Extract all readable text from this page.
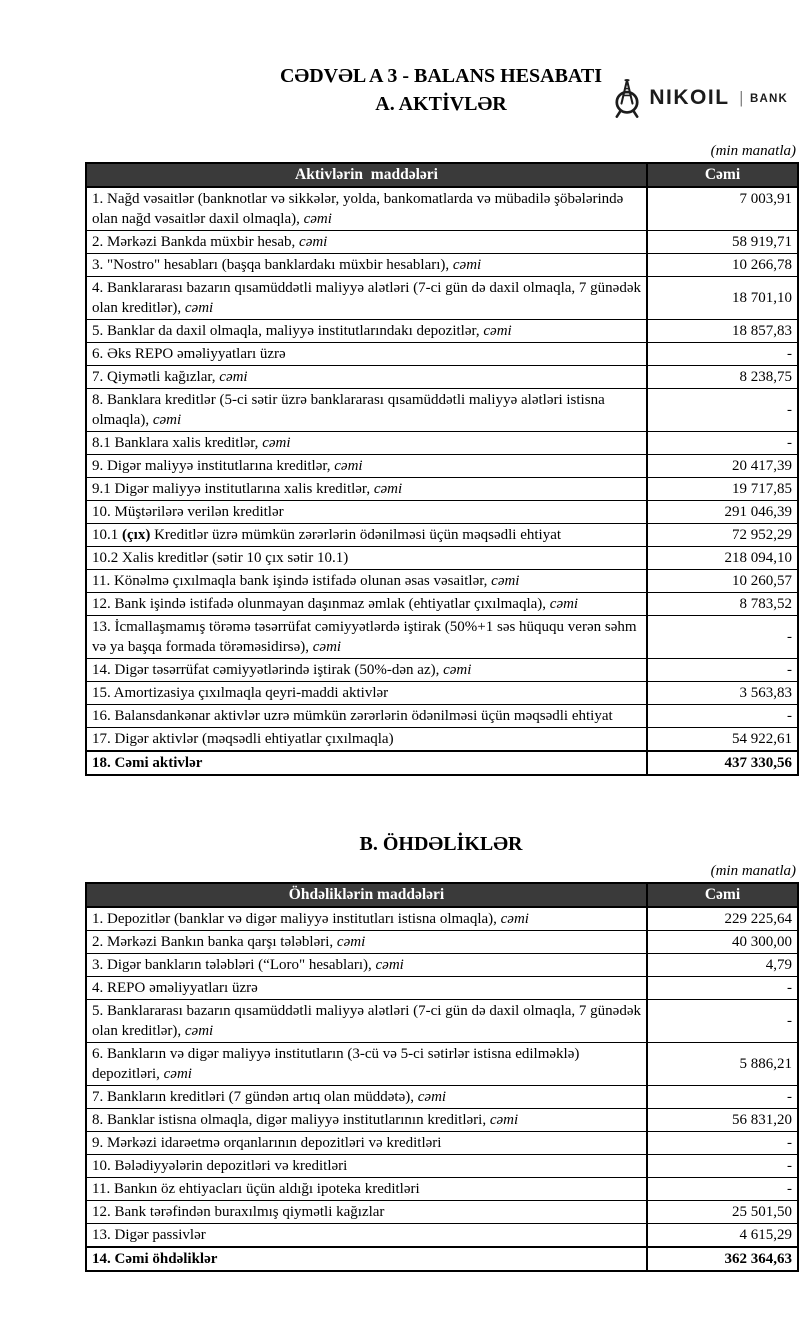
NIKOIL | BANK
CƏDVƏL A 3 - BALANS HESABATI
A. AKTİVLƏR
(min manatla)
Aktivlərin  maddələri	Cəmi
1. Nağd vəsaitlər (banknotlar və sikkələr, yolda, bankomatlarda və mübadilə şöbələrində olan nağd vəsaitlər daxil olmaqla), cəmi	7 003,91
2. Mərkəzi Bankda müxbir hesab, cəmi	58 919,71
3. "Nostro" hesabları (başqa banklardakı müxbir hesabları), cəmi	10 266,78
4. Banklararası bazarın qısamüddətli maliyyə alətləri (7-ci gün də daxil olmaqla, 7 günədək olan kreditlər), cəmi	18 701,10
5. Banklar da daxil olmaqla, maliyyə institutlarındakı depozitlər, cəmi	18 857,83
6. Əks REPO əməliyyatları üzrə	-
7. Qiymətli kağızlar, cəmi	8 238,75
8. Banklara kreditlər (5-ci sətir üzrə banklararası qısamüddətli maliyyə alətləri istisna olmaqla), cəmi	-
8.1 Banklara xalis kreditlər, cəmi	-
9. Digər maliyyə institutlarına kreditlər, cəmi	20 417,39
9.1 Digər maliyyə institutlarına xalis kreditlər, cəmi	19 717,85
10. Müştərilərə verilən kreditlər	291 046,39
10.1 (çıx) Kreditlər üzrə mümkün zərərlərin ödənilməsi üçün məqsədli ehtiyat	72 952,29
10.2 Xalis kreditlər (sətir 10 çıx sətir 10.1)	218 094,10
11. Könəlmə çıxılmaqla bank işində istifadə olunan əsas vəsaitlər, cəmi	10 260,57
12. Bank işində istifadə olunmayan daşınmaz əmlak (ehtiyatlar çıxılmaqla), cəmi	8 783,52
13. İcmallaşmamış törəmə təsərrüfat cəmiyyətlərdə iştirak (50%+1 səs hüququ verən səhm və ya başqa formada törəməsidirsə), cəmi	-
14. Digər təsərrüfat cəmiyyətlərində iştirak (50%-dən az), cəmi	-
15. Amortizasiya çıxılmaqla qeyri-maddi aktivlər	3 563,83
16. Balansdankənar aktivlər uzrə mümkün zərərlərin ödənilməsi üçün məqsədli ehtiyat	-
17. Digər aktivlər (məqsədli ehtiyatlar çıxılmaqla)	54 922,61
18. Cəmi aktivlər	437 330,56
B. ÖHDƏLİKLƏR
(min manatla)
Öhdəliklərin maddələri	Cəmi
1. Depozitlər (banklar və digər maliyyə institutları istisna olmaqla), cəmi	229 225,64
2. Mərkəzi Bankın banka qarşı tələbləri, cəmi	40 300,00
3. Digər bankların tələbləri (“Loro" hesabları), cəmi	4,79
4. REPO əməliyyatları üzrə	-
5. Banklararası bazarın qısamüddətli maliyyə alətləri (7-ci gün də daxil olmaqla, 7 günədək olan kreditlər), cəmi	-
6. Bankların və digər maliyyə institutların (3-cü və 5-ci sətirlər istisna edilməklə) depozitləri, cəmi	5 886,21
7. Bankların kreditləri (7 gündən artıq olan müddətə), cəmi	-
8. Banklar istisna olmaqla, digər maliyyə institutlarının kreditləri, cəmi	56 831,20
9. Mərkəzi idarəetmə orqanlarının depozitləri və kreditləri	-
10. Bələdiyyələrin depozitləri və kreditləri	-
11. Bankın öz ehtiyacları üçün aldığı ipoteka kreditləri	-
12. Bank tərəfindən buraxılmış qiymətli kağızlar	25 501,50
13. Digər passivlər	4 615,29
14. Cəmi öhdəliklər	362 364,63
